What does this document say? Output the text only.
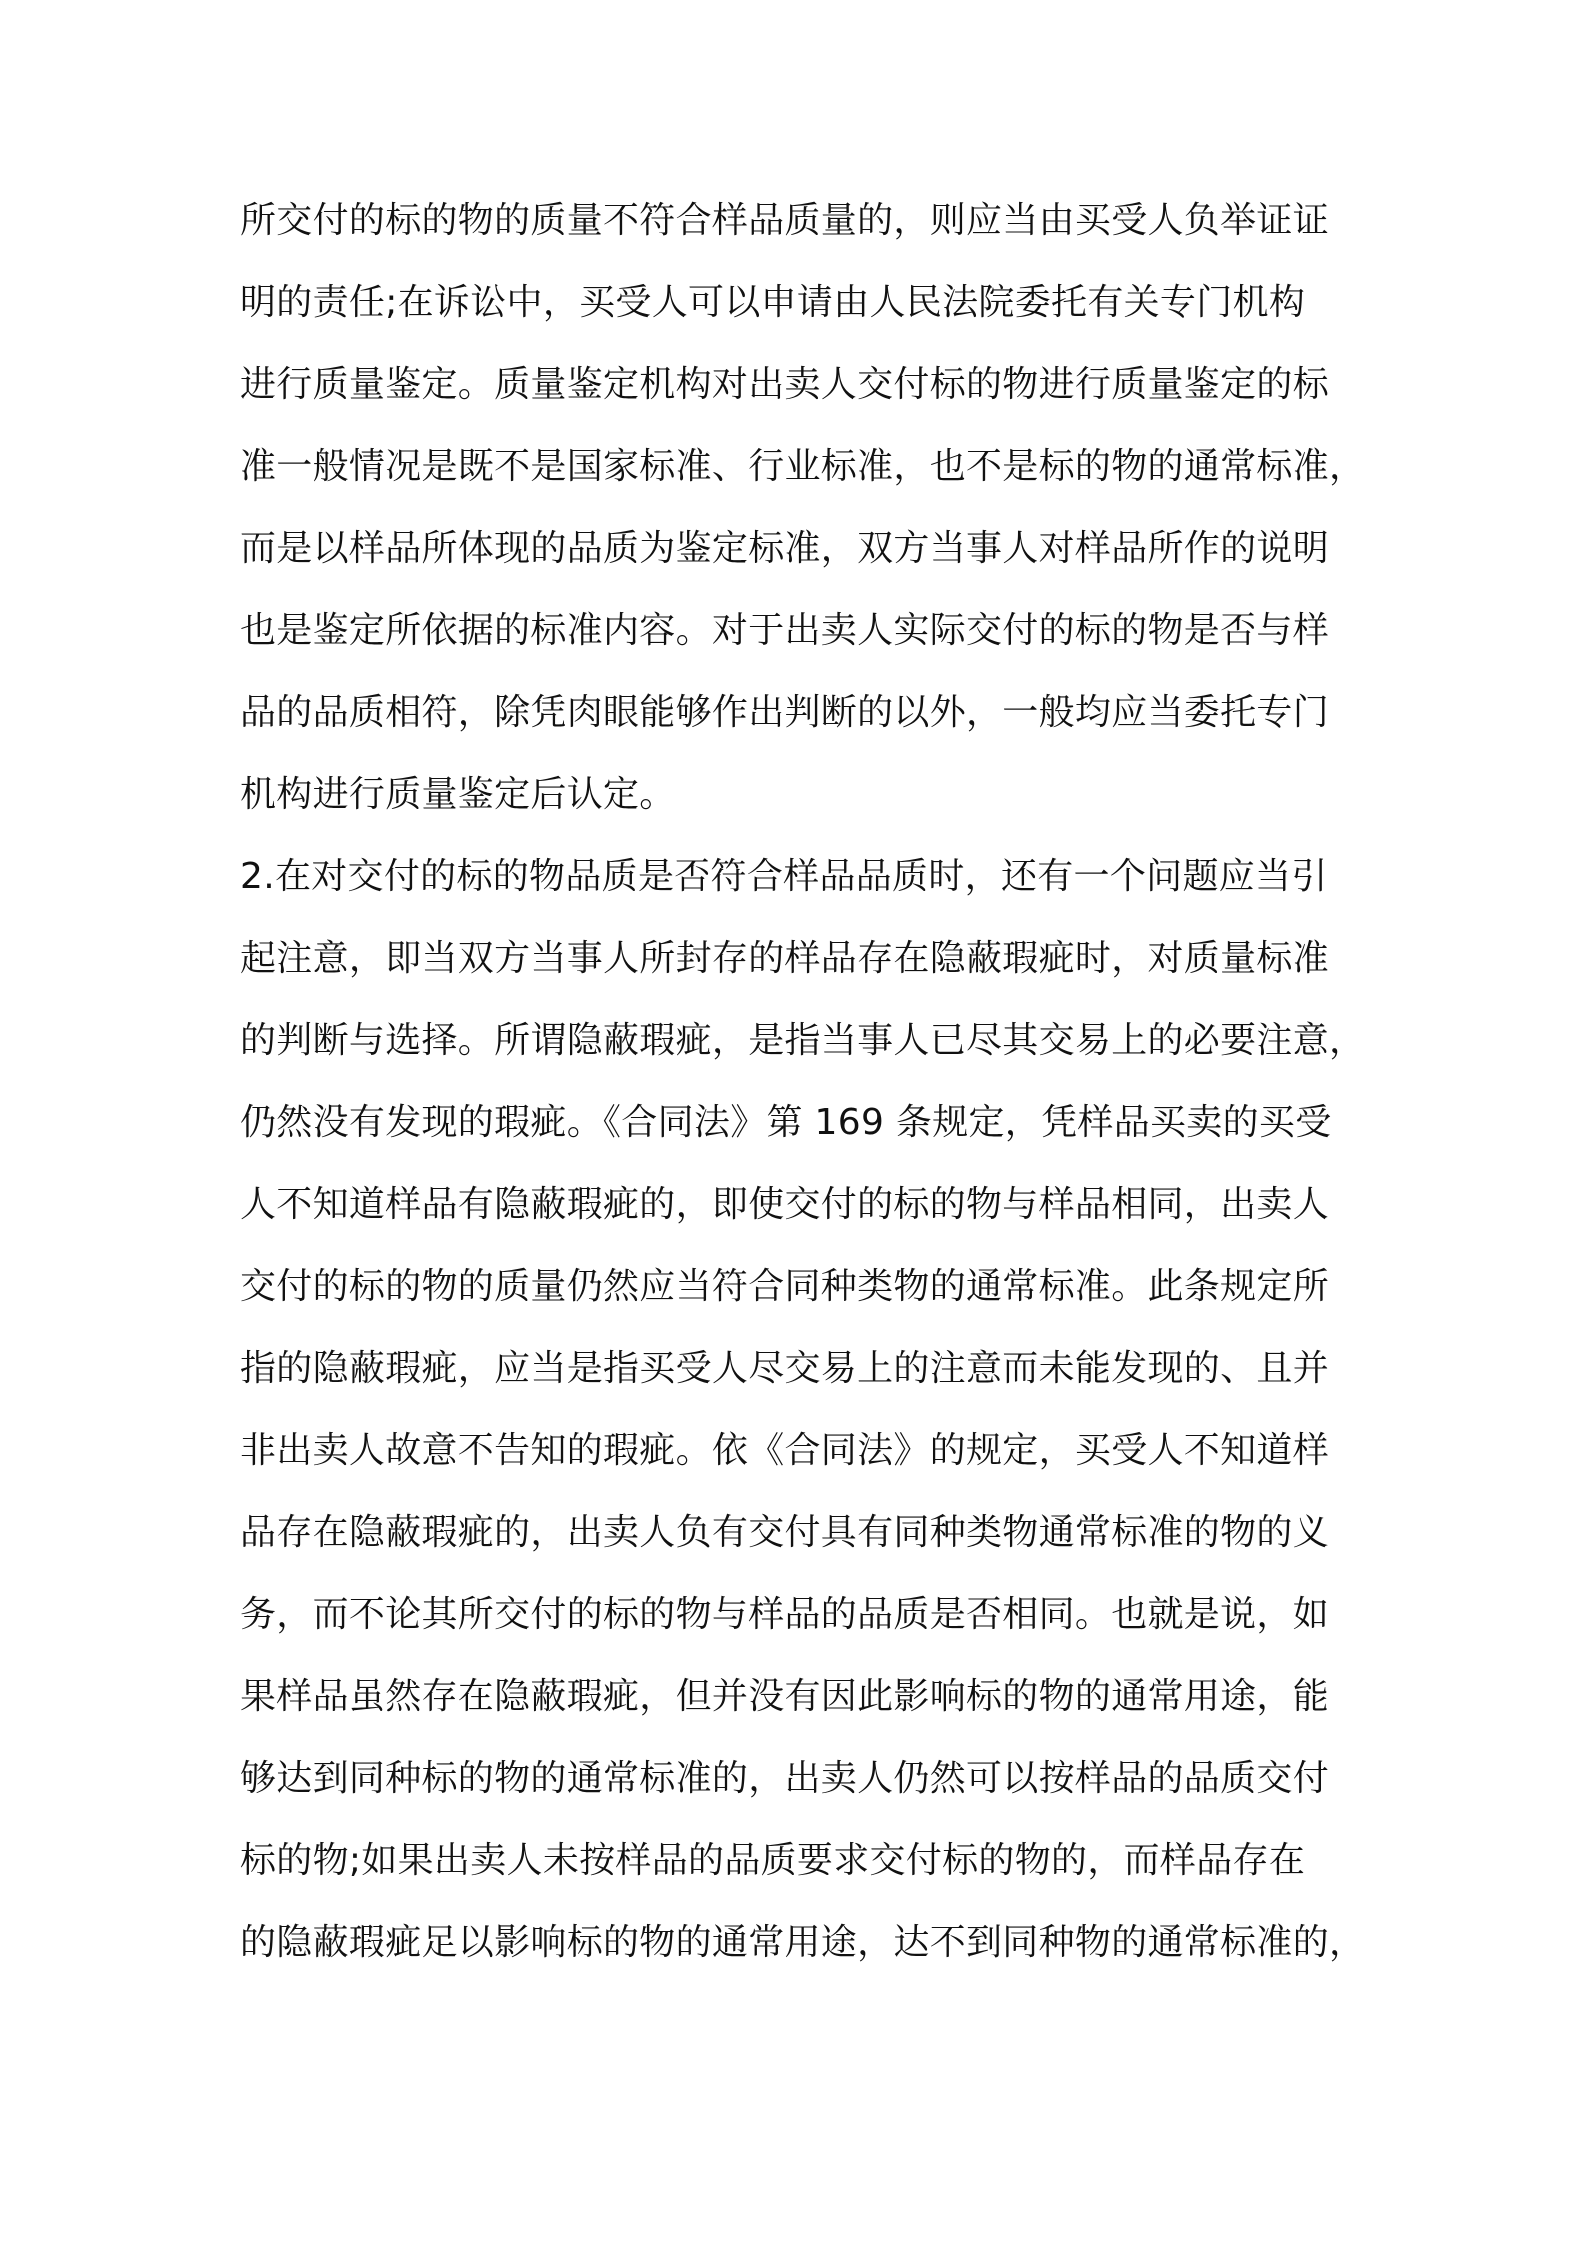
所交付的标的物的质量不符合样品质量的，则应当由买受人负举证证
明的责任;在诉讼中，买受人可以申请由人民法院委托有关专门机构
进行质量鉴定。质量鉴定机构对出卖人交付标的物进行质量鉴定的标
准一般情况是既不是国家标准、行业标准，也不是标的物的通常标准，
而是以样品所体现的品质为鉴定标准，双方当事人对样品所作的说明
也是鉴定所依据的标准内容。对于出卖人实际交付的标的物是否与样
品的品质相符，除凭肉眼能够作出判断的以外，一般均应当委托专门
机构进行质量鉴定后认定。
2.在对交付的标的物品质是否符合样品品质时，还有一个问题应当引
起注意，即当双方当事人所封存的样品存在隐蔽瑕疵时，对质量标准
的判断与选择。所谓隐蔽瑕疵，是指当事人已尽其交易上的必要注意，
仍然没有发现的瑕疵。《合同法》第 169 条规定，凭样品买卖的买受
人不知道样品有隐蔽瑕疵的，即使交付的标的物与样品相同，出卖人
交付的标的物的质量仍然应当符合同种类物的通常标准。此条规定所
指的隐蔽瑕疵，应当是指买受人尽交易上的注意而未能发现的、且并
非出卖人故意不告知的瑕疵。依《合同法》的规定，买受人不知道样
品存在隐蔽瑕疵的，出卖人负有交付具有同种类物通常标准的物的义
务，而不论其所交付的标的物与样品的品质是否相同。也就是说，如
果样品虽然存在隐蔽瑕疵，但并没有因此影响标的物的通常用途，能
够达到同种标的物的通常标准的，出卖人仍然可以按样品的品质交付
标的物;如果出卖人未按样品的品质要求交付标的物的，而样品存在
的隐蔽瑕疵足以影响标的物的通常用途，达不到同种物的通常标准的，
